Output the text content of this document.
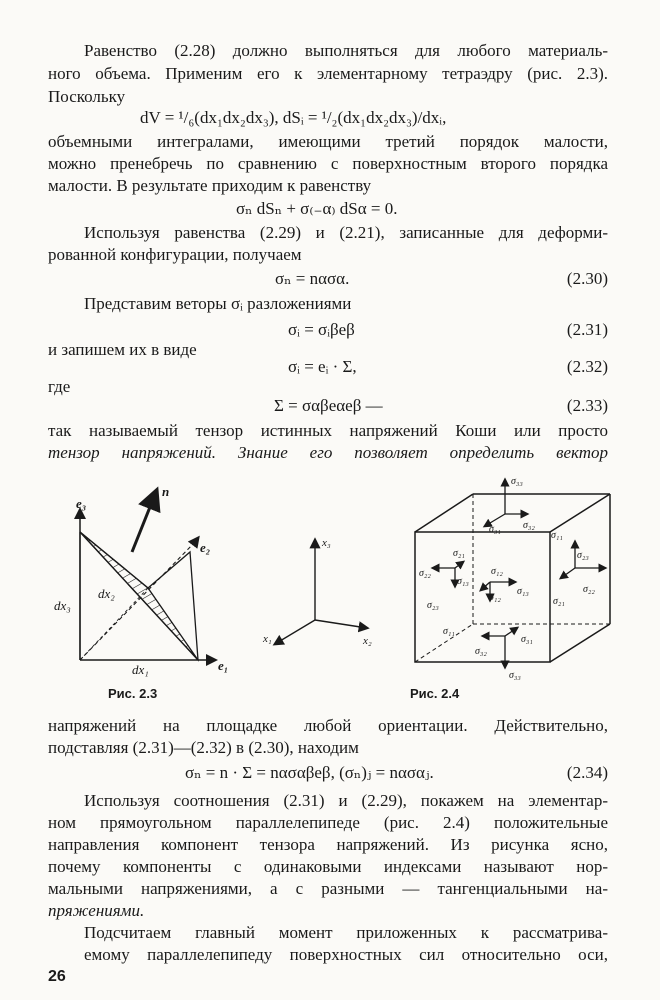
Равенство (2.28) должно выполняться для любого материаль-
ного объема. Применим его к элементарному тетраэдру (рис. 2.3).
Поскольку
dV = ¹/₆(dx₁dx₂dx₃), dSᵢ = ¹/₂(dx₁dx₂dx₃)/dxᵢ,
объемными интегралами, имеющими третий порядок малости,
можно пренебречь по сравнению с поверхностным второго порядка
малости. В результате приходим к равенству
σₙ dSₙ + σ₍₋α₎ dSα = 0.
Используя равенства (2.29) и (2.21), записанные для деформи-
рованной конфигурации, получаем
σₙ = nασα.	(2.30)
Представим веторы σᵢ разложениями
σᵢ = σᵢβeβ	(2.31)
и запишем их в виде
σᵢ = eᵢ · Σ,	(2.32)
где
Σ = σαβeαeβ —	(2.33)
так называемый тензор истинных напряжений Коши или просто
тензор напряжений. Знание его позволяет определить вектор
e₃
n
e₂
dx₂
dx₃
dx₁	e₁
x₃
x₁	x₂
σ₃₃
σ₃₁ σ₃₂
σ₁₁
σ₂₁	σ₂₃
σ₂₂
σ₁₃
σ₁₂
σ₂₃
σ₁₂
σ₁₃
σ₂₁
σ₂₂
σ₁₁
σ₃₁
σ₃₂
σ₃₃
Рис. 2.3	Рис. 2.4
напряжений на площадке любой ориентации. Действительно,
подставляя (2.31)—(2.32) в (2.30), находим
σₙ = n · Σ = nασαβeβ, (σₙ)ⱼ = nασαⱼ.	(2.34)
Используя соотношения (2.31) и (2.29), покажем на элементар-
ном прямоугольном параллелепипеде (рис. 2.4) положительные
направления компонент тензора напряжений. Из рисунка ясно,
почему компоненты с одинаковыми индексами называют нор-
мальными напряжениями, а с разными — тангенциальными на-
пряжениями.
Подсчитаем главный момент приложенных к рассматрива-
емому параллелепипеду поверхностных сил относительно оси,
26
